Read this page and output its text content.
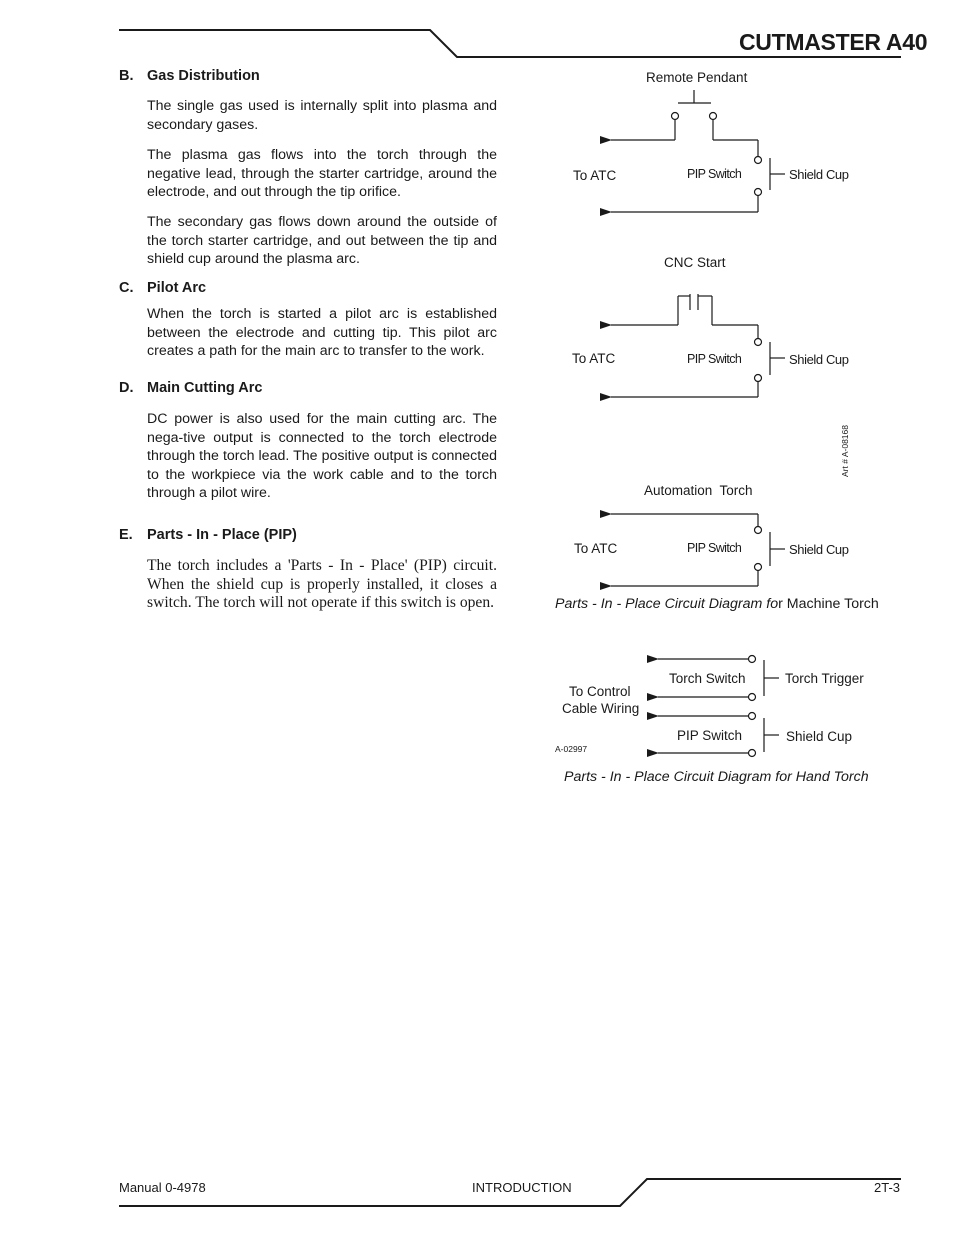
CUTMASTER A40
B. Gas Distribution
The single gas used is internally split into plasma and secondary gases.
The plasma gas flows into the torch through the negative lead, through the starter cartridge, around the electrode, and out through the tip orifice.
The secondary gas flows down around the outside of the torch starter cartridge, and out between the tip and shield cup around the plasma arc.
C. Pilot Arc
When the torch is started a pilot arc is established between the electrode and cutting tip. This pilot arc creates a path for the main arc to transfer to the work.
D. Main Cutting Arc
DC power is also used for the main cutting arc. The nega-tive output is connected to the torch electrode through the torch lead. The positive output is connected to the workpiece via the work cable and to the torch through a pilot wire.
E. Parts - In - Place (PIP)
The torch includes a 'Parts - In - Place' (PIP) circuit. When the shield cup is properly installed, it closes a switch. The torch will not operate if this switch is open.
Remote Pendant
To ATC	PIP Switch	Shield Cup
CNC Start
To ATC	PIP Switch	Shield Cup
Art # A-08168
Automation  Torch
To ATC	PIP Switch	Shield Cup
Parts - In - Place Circuit Diagram for Machine Torch
To Control
Cable Wiring
Torch Switch	Torch Trigger
PIP Switch	Shield Cup
A-02997
Parts - In - Place Circuit Diagram for Hand Torch
Manual 0-4978	INTRODUCTION	2T-3
